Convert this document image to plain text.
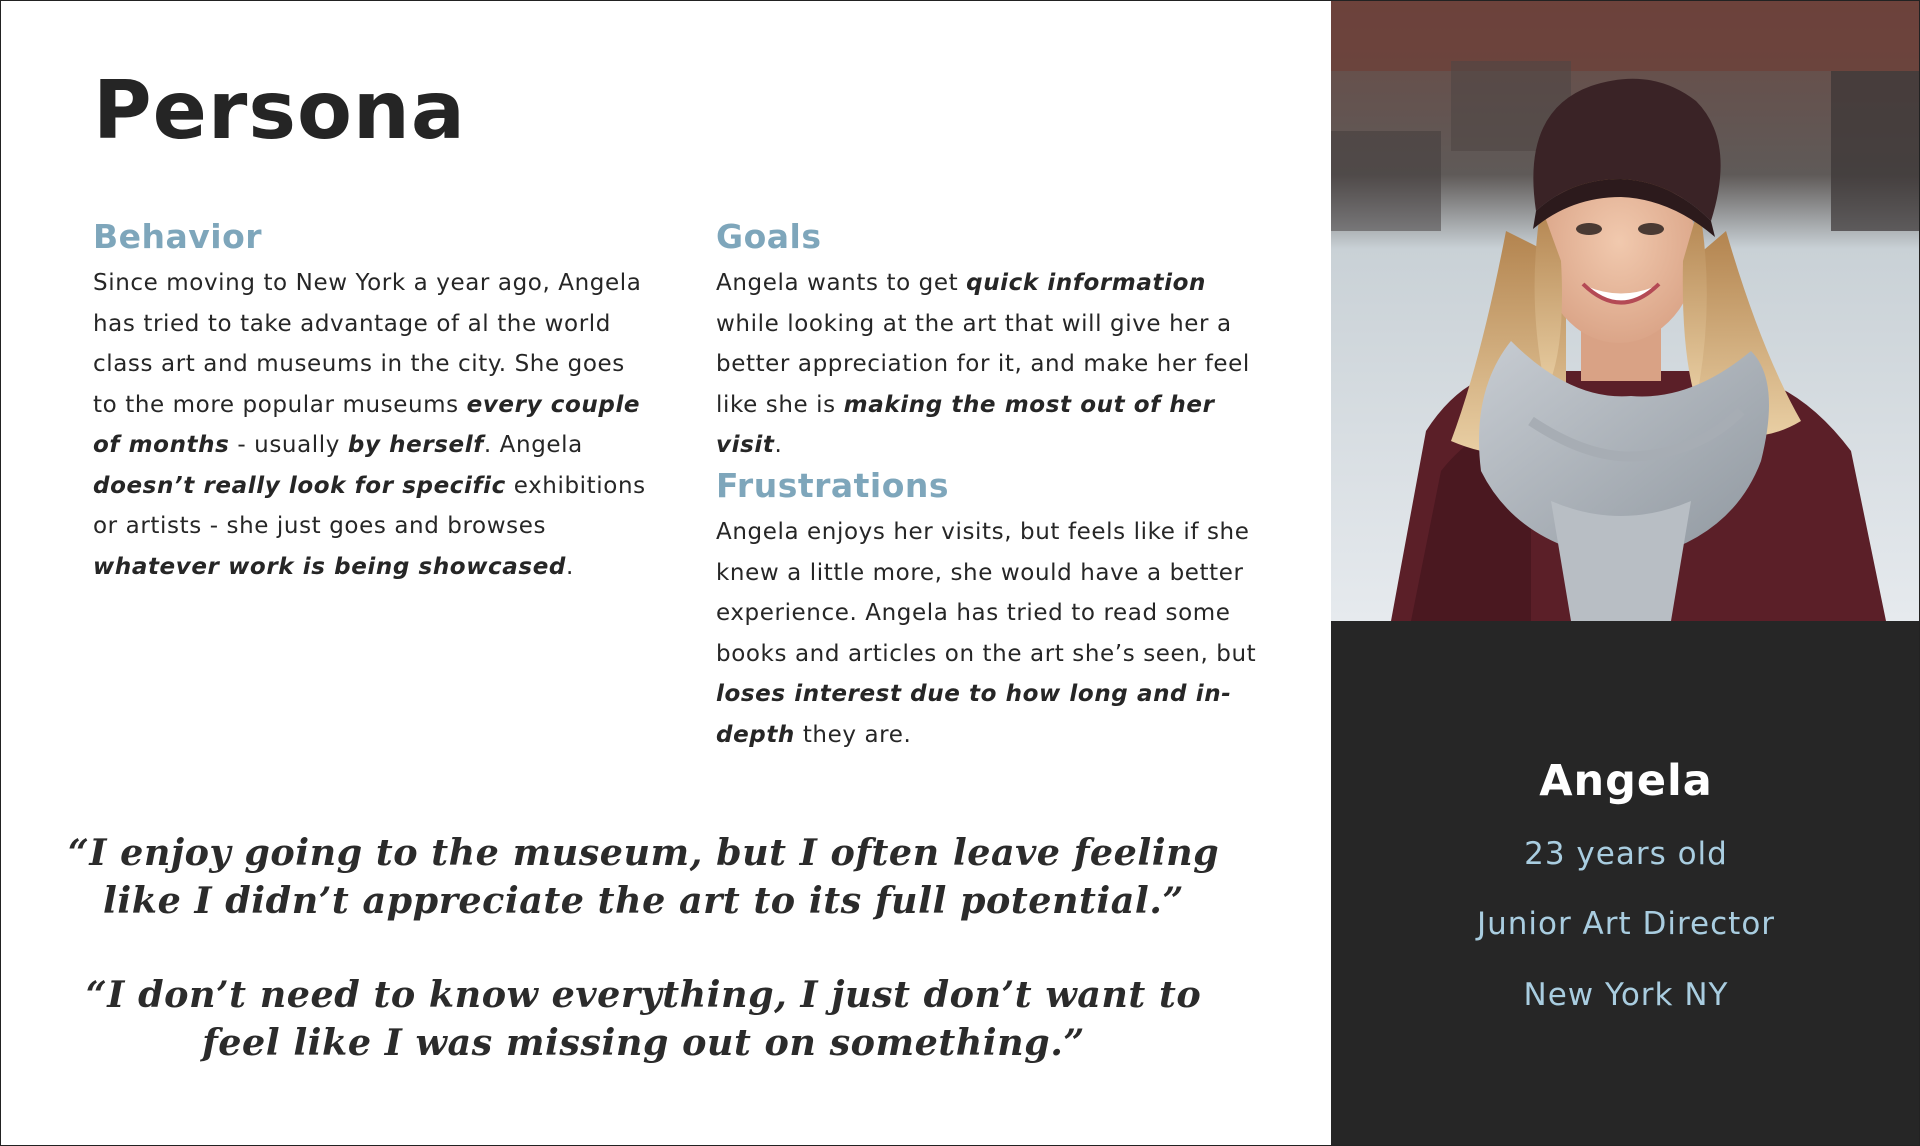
Persona
Behavior

Since moving to New York a year ago, Angela has tried to take advantage of al the world class art and museums in the city. She goes to the more popular museums every couple of months - usually by herself. Angela doesn’t really look for specific exhibitions or artists - she just goes and browses whatever work is being showcased.

Goals

Angela wants to get quick information while looking at the art that will give her a better appreciation for it, and make her feel like she is making the most out of her visit.

Frustrations

Angela enjoys her visits, but feels like if she knew a little more, she would have a better experience. Angela has tried to read some books and articles on the art she’s seen, but loses interest due to how long and in-depth they are.

“I enjoy going to the museum, but I often leave feeling like I didn’t appreciate the art to its full potential.”

“I don’t need to know everything, I just don’t want to feel like I was missing out on something.”

Angela
23 years old
Junior Art Director
New York NY
